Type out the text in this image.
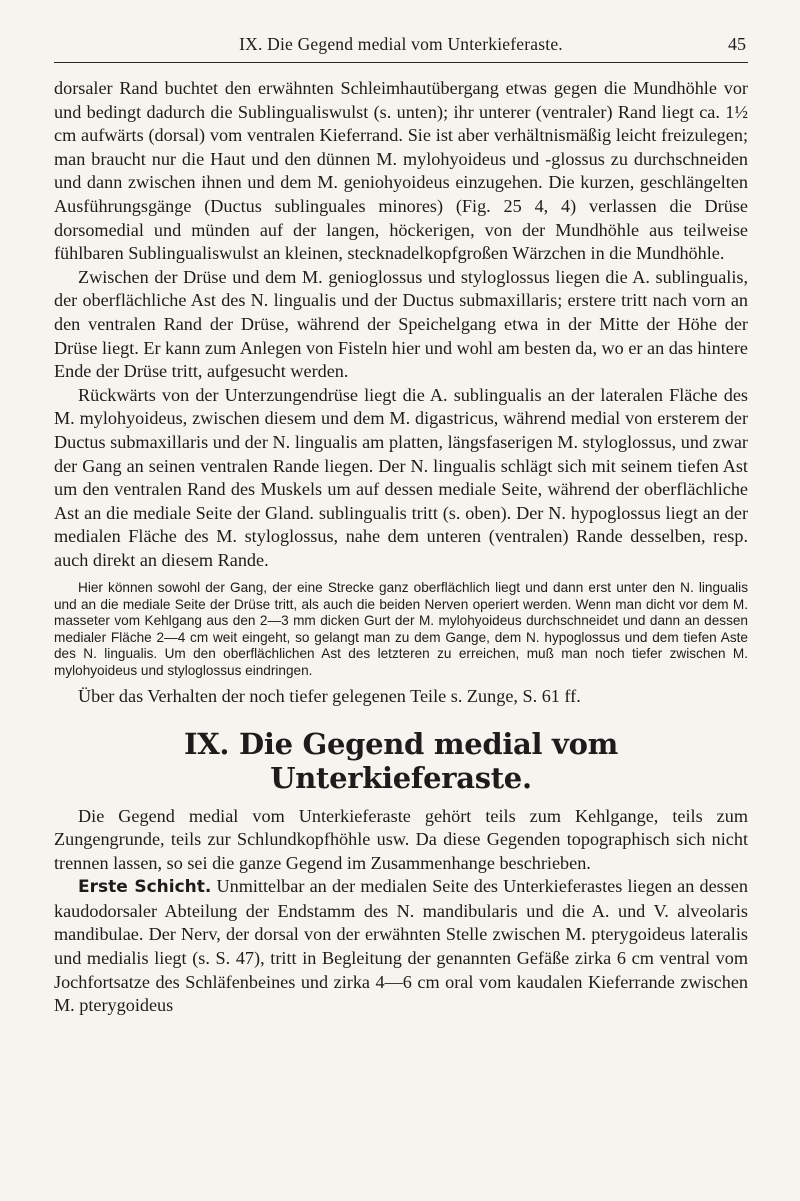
IX. Die Gegend medial vom Unterkieferaste.	45

dorsaler Rand buchtet den erwähnten Schleimhautübergang etwas gegen die Mundhöhle vor und bedingt dadurch die Sublingualiswulst (s. unten); ihr unterer (ventraler) Rand liegt ca. 1½ cm aufwärts (dorsal) vom ventralen Kieferrand. Sie ist aber verhältnismäßig leicht freizulegen; man braucht nur die Haut und den dünnen M. mylohyoideus und -glossus zu durchschneiden und dann zwischen ihnen und dem M. geniohyoideus einzugehen. Die kurzen, geschlängelten Ausführungsgänge (Ductus sublinguales minores) (Fig. 25 4, 4) verlassen die Drüse dorsomedial und münden auf der langen, höckerigen, von der Mundhöhle aus teilweise fühlbaren Sublingualiswulst an kleinen, stecknadelkopfgroßen Wärzchen in die Mundhöhle.

Zwischen der Drüse und dem M. genioglossus und styloglossus liegen die A. sublingualis, der oberflächliche Ast des N. lingualis und der Ductus submaxillaris; erstere tritt nach vorn an den ventralen Rand der Drüse, während der Speichelgang etwa in der Mitte der Höhe der Drüse liegt. Er kann zum Anlegen von Fisteln hier und wohl am besten da, wo er an das hintere Ende der Drüse tritt, aufgesucht werden.

Rückwärts von der Unterzungendrüse liegt die A. sublingualis an der lateralen Fläche des M. mylohyoideus, zwischen diesem und dem M. digastricus, während medial von ersterem der Ductus submaxillaris und der N. lingualis am platten, längsfaserigen M. styloglossus, und zwar der Gang an seinen ventralen Rande liegen. Der N. lingualis schlägt sich mit seinem tiefen Ast um den ventralen Rand des Muskels um auf dessen mediale Seite, während der oberflächliche Ast an die mediale Seite der Gland. sublingualis tritt (s. oben). Der N. hypoglossus liegt an der medialen Fläche des M. styloglossus, nahe dem unteren (ventralen) Rande desselben, resp. auch direkt an diesem Rande.

Hier können sowohl der Gang, der eine Strecke ganz oberflächlich liegt und dann erst unter den N. lingualis und an die mediale Seite der Drüse tritt, als auch die beiden Nerven operiert werden. Wenn man dicht vor dem M. masseter vom Kehlgang aus den 2—3 mm dicken Gurt der M. mylohyoideus durchschneidet und dann an dessen medialer Fläche 2—4 cm weit eingeht, so gelangt man zu dem Gange, dem N. hypoglossus und dem tiefen Aste des N. lingualis. Um den oberflächlichen Ast des letzteren zu erreichen, muß man noch tiefer zwischen M. mylohyoideus und styloglossus eindringen.

Über das Verhalten der noch tiefer gelegenen Teile s. Zunge, S. 61 ff.

IX. Die Gegend medial vom Unterkieferaste.

Die Gegend medial vom Unterkieferaste gehört teils zum Kehlgange, teils zum Zungengrunde, teils zur Schlundkopfhöhle usw. Da diese Gegenden topographisch sich nicht trennen lassen, so sei die ganze Gegend im Zusammenhange beschrieben.

Erste Schicht. Unmittelbar an der medialen Seite des Unterkieferastes liegen an dessen kaudodorsaler Abteilung der Endstamm des N. mandibularis und die A. und V. alveolaris mandibulae. Der Nerv, der dorsal von der erwähnten Stelle zwischen M. pterygoideus lateralis und medialis liegt (s. S. 47), tritt in Begleitung der genannten Gefäße zirka 6 cm ventral vom Jochfortsatze des Schläfenbeines und zirka 4—6 cm oral vom kaudalen Kieferrande zwischen M. pterygoideus
